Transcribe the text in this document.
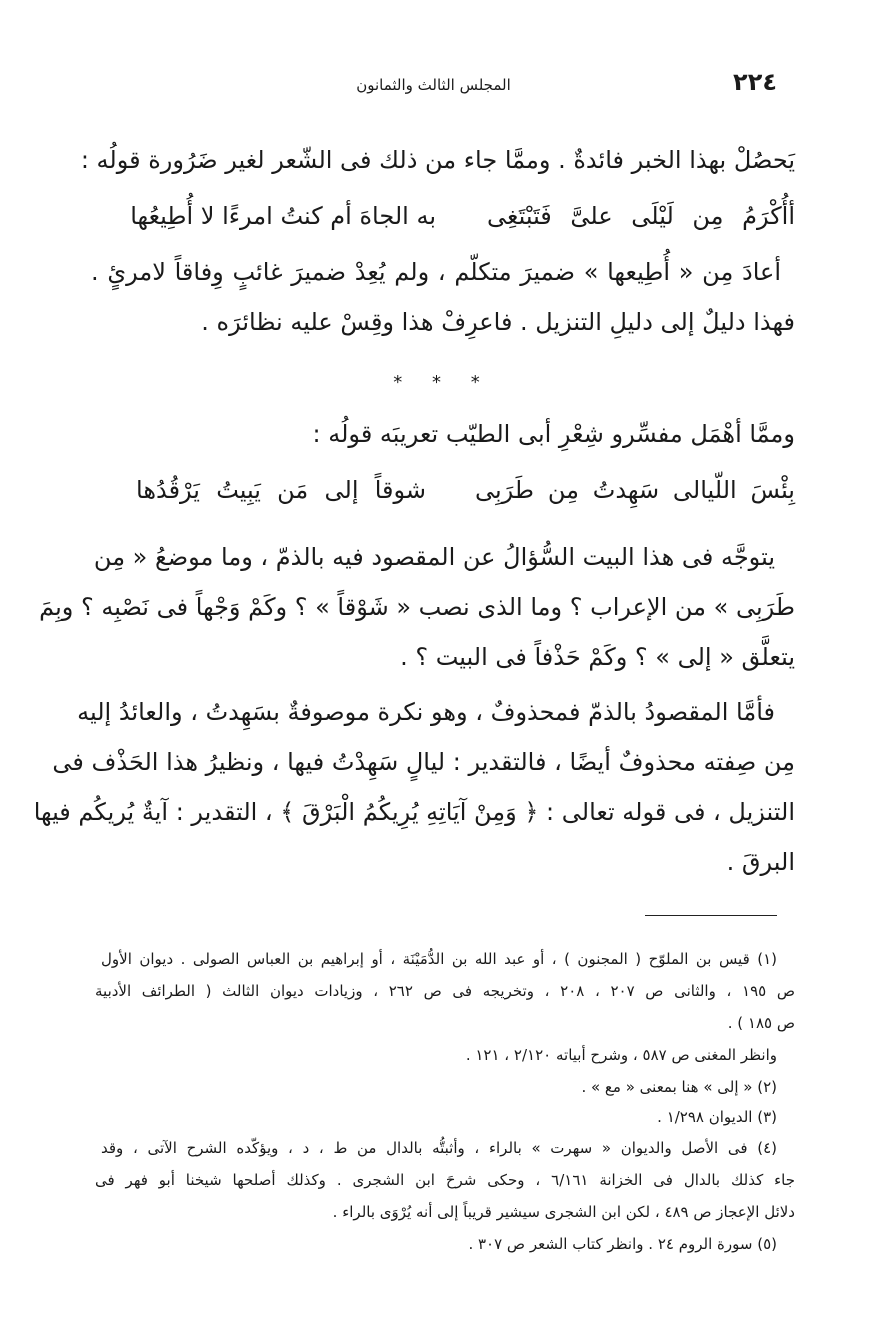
٢٢٤
المجلس الثالث والثمانون
يَحصُلْ بهذا الخبر فائدةٌ . وممَّا جاء من ذلك فى الشّعر لغير ضَرُورة قولُه :
أأُكْرَمُ مِن لَيْلَى علىَّ فَتَبْتَغِى
به الجاهَ أم كنتُ امرءًا لا أُطِيعُها
أعادَ مِن « أُطِيعها » ضميرَ متكلّم ، ولم يُعِدْ ضميرَ غائبٍ وِفاقاً لامرئٍ .
فهذا دليلٌ إلى دليلِ التنزيل . فاعرِفْ هذا وقِسْ عليه نظائرَه .
* * *
وممَّا أهْمَل مفسِّرو شِعْرِ أبى الطيّب تعريبَه قولُه :
بِئْسَ اللّيالى سَهِدتُ مِن طَرَبِى
شوقاً إلى مَن يَبِيتُ يَرْقُدُها
يتوجَّه فى هذا البيت السُّؤالُ عن المقصود فيه بالذمّ ، وما موضعُ « مِن
طَرَبِى » من الإعراب ؟ وما الذى نصب « شَوْقاً » ؟ وكَمْ وَجْهاً فى نَصْبِه ؟ وبِمَ
يتعلَّق « إلى » ؟ وكَمْ حَذْفاً فى البيت ؟ .
فأمَّا المقصودُ بالذمّ فمحذوفٌ ، وهو نكرة موصوفةٌ بسَهِدتُ ، والعائدُ إليه
مِن صِفته محذوفٌ أيضًا ، فالتقدير : ليالٍ سَهِدْتُ فيها ، ونظيرُ هذا الحَذْف فى
التنزيل ، فى قوله تعالى : ﴿ وَمِنْ آيَاتِهِ يُرِيكُمُ الْبَرْقَ ﴾ ، التقدير : آيةٌ يُريكُم فيها
البرقَ .
(١) قيس بن الملوّح ( المجنون ) ، أو عبد الله بن الدُّمَيْنَة ، أو إبراهيم بن العباس الصولى . ديوان الأول
ص ١٩٥ ، والثانى ص ٢٠٧ ، ٢٠٨ ، وتخريجه فى ص ٢٦٢ ، وزيادات ديوان الثالث ( الطرائف الأدبية
ص ١٨٥ ) .
وانظر المغنى ص ٥٨٧ ، وشرح أبياته ٢/١٢٠ ، ١٢١ .
(٢) « إلى » هنا بمعنى « مع » .
(٣) الديوان ١/٢٩٨ .
(٤) فى الأصل والديوان « سهرت » بالراء ، وأثبتُّه بالدال من ط ، د ، ويؤكّده الشرح الآتى ، وقد
جاء كذلك بالدال فى الخزانة ٦/١٦١ ، وحكى شرحَ ابن الشجرى . وكذلك أصلحها شيخنا أبو فهر فى
دلائل الإعجاز ص ٤٨٩ ، لكن ابن الشجرى سيشير قريباً إلى أنه يُرْوَى بالراء .
(٥) سورة الروم ٢٤ . وانظر كتاب الشعر ص ٣٠٧ .
